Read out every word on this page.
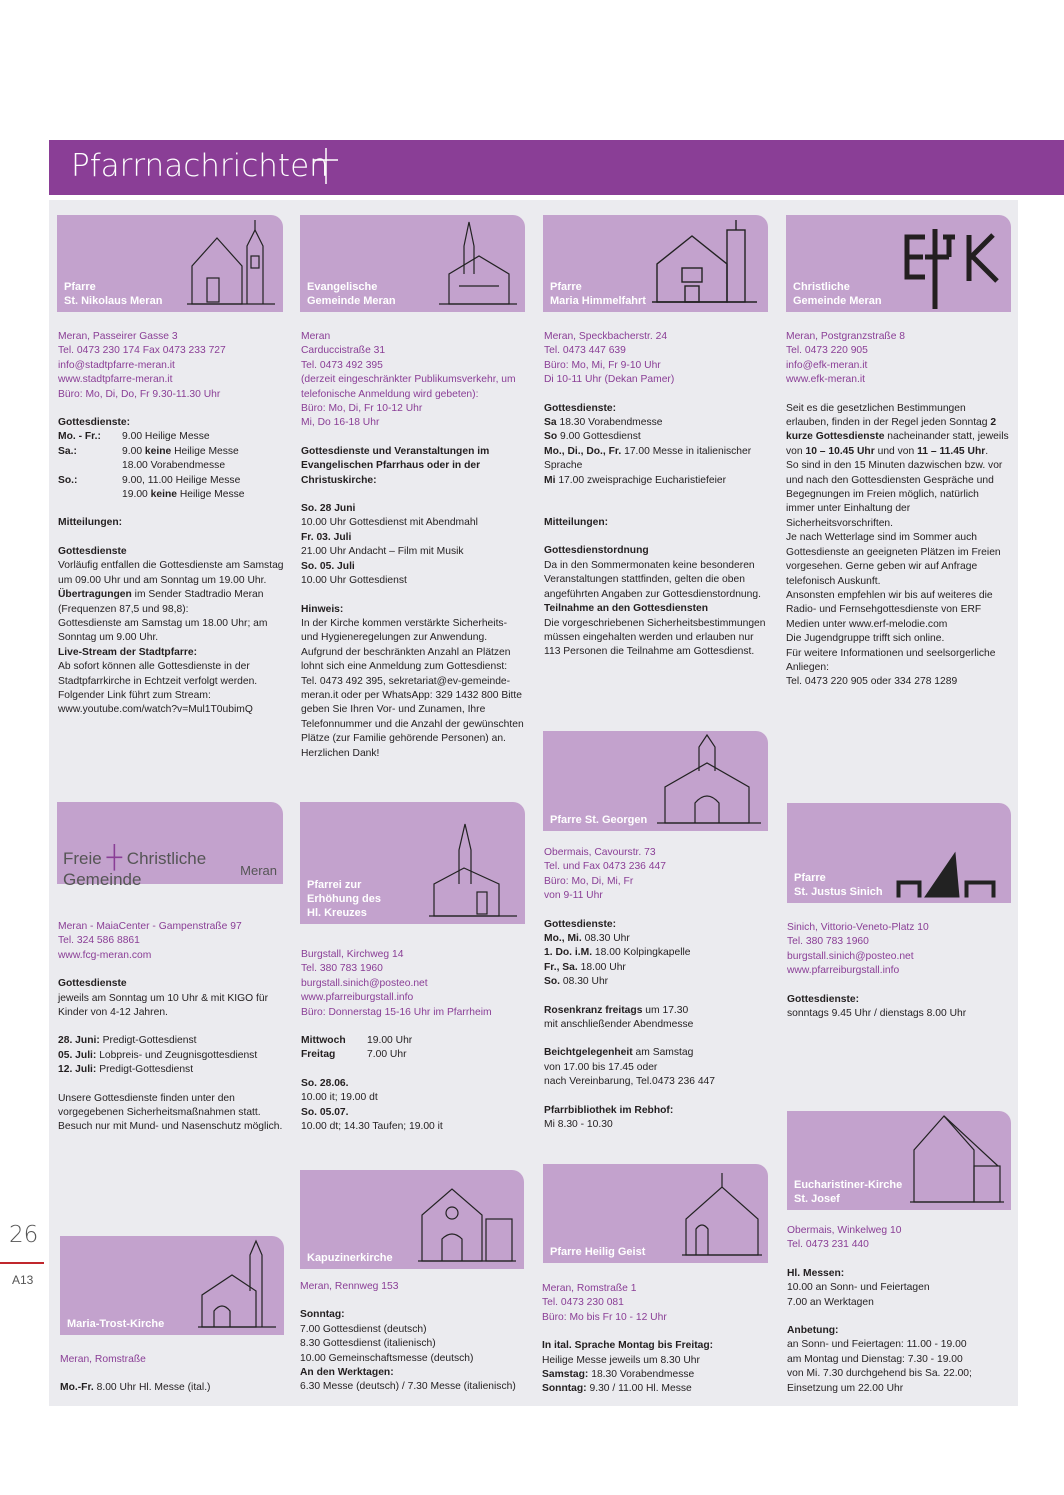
Pfarrnachrichten
Pfarre
St. Nikolaus Meran
Evangelische
Gemeinde Meran
Pfarre
Maria Himmelfahrt
Christliche
Gemeinde Meran

Meran, Passeirer Gasse 3

Tel. 0473 230 174 Fax 0473 233 727

info@stadtpfarre-meran.it

www.stadtpfarre-meran.it

Büro: Mo, Di, Do, Fr 9.30-11.30 Uhr

Gottesdienste:

Mo. - Fr.:	9.00 Heilige Messe
Sa.:	9.00 keine Heilige Messe
18.00 Vorabendmesse
So.:	9.00, 11.00 Heilige Messe
19.00 keine Heilige Messe

Mitteilungen:

Gottesdienste

Vorläufig entfallen die Gottesdienste am Samstag um 09.00 Uhr und am Sonntag um 19.00 Uhr.

Übertragungen im Sender Stadtradio Meran (Frequenzen 87,5 und 98,8):

Gottesdienste am Samstag um 18.00 Uhr; am Sonntag um 9.00 Uhr.

Live-Stream der Stadtpfarre:

Ab sofort können alle Gottesdienste in der Stadtpfarrkirche in Echtzeit verfolgt werden. Folgender Link führt zum Stream:

www.youtube.com/watch?v=Mul1T0ubimQ

Meran

Carduccistraße 31

Tel. 0473 492 395

(derzeit eingeschränkter Publikumsverkehr, um telefonische Anmeldung wird gebeten):

Büro: Mo, Di, Fr 10-12 Uhr

Mi, Do 16-18 Uhr

Gottesdienste und Veranstaltungen im Evangelischen Pfarrhaus oder in der Christuskirche:

So. 28 Juni

10.00 Uhr Gottesdienst mit Abendmahl

Fr. 03. Juli

21.00 Uhr Andacht – Film mit Musik

So. 05. Juli

10.00 Uhr Gottesdienst

Hinweis:

In der Kirche kommen verstärkte Sicherheits- und Hygieneregelungen zur Anwendung. Aufgrund der beschränkten Anzahl an Plätzen lohnt sich eine Anmeldung zum Gottesdienst: Tel. 0473 492 395, sekretariat@ev-gemeinde-meran.it oder per WhatsApp: 329 1432 800 Bitte geben Sie Ihren Vor- und Zunamen, Ihre Telefonnummer und die Anzahl der gewünschten Plätze (zur Familie gehörende Personen) an. Herzlichen Dank!

Meran, Speckbacherstr. 24

Tel. 0473 447 639

Büro: Mo, Mi, Fr 9-10 Uhr

Di 10-11 Uhr (Dekan Pamer)

Gottesdienste:

Sa 18.30 Vorabendmesse

So 9.00 Gottesdienst

Mo., Di., Do., Fr. 17.00 Messe in italienischer Sprache

Mi 17.00 zweisprachige Eucharistiefeier

Mitteilungen:

Gottesdienstordnung

Da in den Sommermonaten keine besonderen Veranstaltungen stattfinden, gelten die oben angeführten Angaben zur Gottesdienstordnung.

Teilnahme an den Gottesdiensten

Die vorgeschriebenen Sicherheitsbestimmungen müssen eingehalten werden und erlauben nur 113 Personen die Teilnahme am Gottesdienst.

Meran, Postgranzstraße 8

Tel. 0473 220 905

info@efk-meran.it

www.efk-meran.it

Seit es die gesetzlichen Bestimmungen erlauben, finden in der Regel jeden Sonntag 2 kurze Gottesdienste nacheinander statt, jeweils von 10 – 10.45 Uhr und von 11 – 11.45 Uhr.

So sind in den 15 Minuten dazwischen bzw. vor und nach den Gottesdiensten Gespräche und Begegnungen im Freien möglich, natürlich immer unter Einhaltung der Sicherheitsvorschriften.

Je nach Wetterlage sind im Sommer auch Gottesdienste an geeigneten Plätzen im Freien vorgesehen. Gerne geben wir auf Anfrage telefonisch Auskunft.

Ansonsten empfehlen wir bis auf weiteres die Radio- und Fernsehgottesdienste von ERF Medien unter www.erf-melodie.com

Die Jugendgruppe trifft sich online.

Für weitere Informationen und seelsorgerliche Anliegen:

Tel. 0473 220 905 oder 334 278 1289

Freie ┼ Christliche Gemeinde	Meran
Pfarrei zur
Erhöhung des
Hl. Kreuzes
Pfarre St. Georgen
Pfarre
St. Justus Sinich

Meran - MaiaCenter - Gampenstraße 97

Tel. 324 586 8861

www.fcg-meran.com

Gottesdienste

jeweils am Sonntag um 10 Uhr & mit KIGO für Kinder von 4-12 Jahren.

28. Juni: Predigt-Gottesdienst

05. Juli: Lobpreis- und Zeugnisgottesdienst

12. Juli: Predigt-Gottesdienst

Unsere Gottesdienste finden unter den vorgegebenen Sicherheitsmaßnahmen statt. Besuch nur mit Mund- und Nasenschutz möglich.

Burgstall, Kirchweg 14

Tel. 380 783 1960

burgstall.sinich@posteo.net

www.pfarreiburgstall.info

Büro: Donnerstag 15-16 Uhr im Pfarrheim

Mittwoch	19.00 Uhr
Freitag	7.00 Uhr

So. 28.06.

10.00 it; 19.00 dt

So. 05.07.

10.00 dt; 14.30 Taufen; 19.00 it

Obermais, Cavourstr. 73

Tel. und Fax 0473 236 447

Büro: Mo, Di, Mi, Fr

von 9-11 Uhr

Gottesdienste:

Mo., Mi. 08.30 Uhr

1. Do. i.M. 18.00 Kolpingkapelle

Fr., Sa. 18.00 Uhr

So. 08.30 Uhr

Rosenkranz freitags um 17.30

mit anschließender Abendmesse

Beichtgelegenheit am Samstag

von 17.00 bis 17.45 oder

nach Vereinbarung, Tel.0473 236 447

Pfarrbibliothek im Rebhof:

Mi 8.30 - 10.30

Sinich, Vittorio-Veneto-Platz 10

Tel. 380 783 1960

burgstall.sinich@posteo.net

www.pfarreiburgstall.info

Gottesdienste:

sonntags 9.45 Uhr / dienstags 8.00 Uhr

Maria-Trost-Kirche
Kapuzinerkirche	Pfarre Heilig Geist
Eucharistiner-Kirche
St. Josef

Meran, Romstraße

Mo.-Fr. 8.00 Uhr Hl. Messe (ital.)

Meran, Rennweg 153

Sonntag:

7.00 Gottesdienst (deutsch)

8.30 Gottesdienst (italienisch)

10.00 Gemeinschaftsmesse (deutsch)

An den Werktagen:

6.30 Messe (deutsch) / 7.30 Messe (italienisch)

Meran, Romstraße 1

Tel. 0473 230 081

Büro: Mo bis Fr 10 - 12 Uhr

In ital. Sprache Montag bis Freitag:

Heilige Messe jeweils um 8.30 Uhr

Samstag: 18.30 Vorabendmesse

Sonntag: 9.30 / 11.00 Hl. Messe

Obermais, Winkelweg 10

Tel. 0473 231 440

Hl. Messen:

10.00 an Sonn- und Feiertagen

7.00 an Werktagen

Anbetung:

an Sonn- und Feiertagen: 11.00 - 19.00

am Montag und Dienstag: 7.30 - 19.00

von Mi. 7.30 durchgehend bis Sa. 22.00;

Einsetzung um 22.00 Uhr

26
A13
